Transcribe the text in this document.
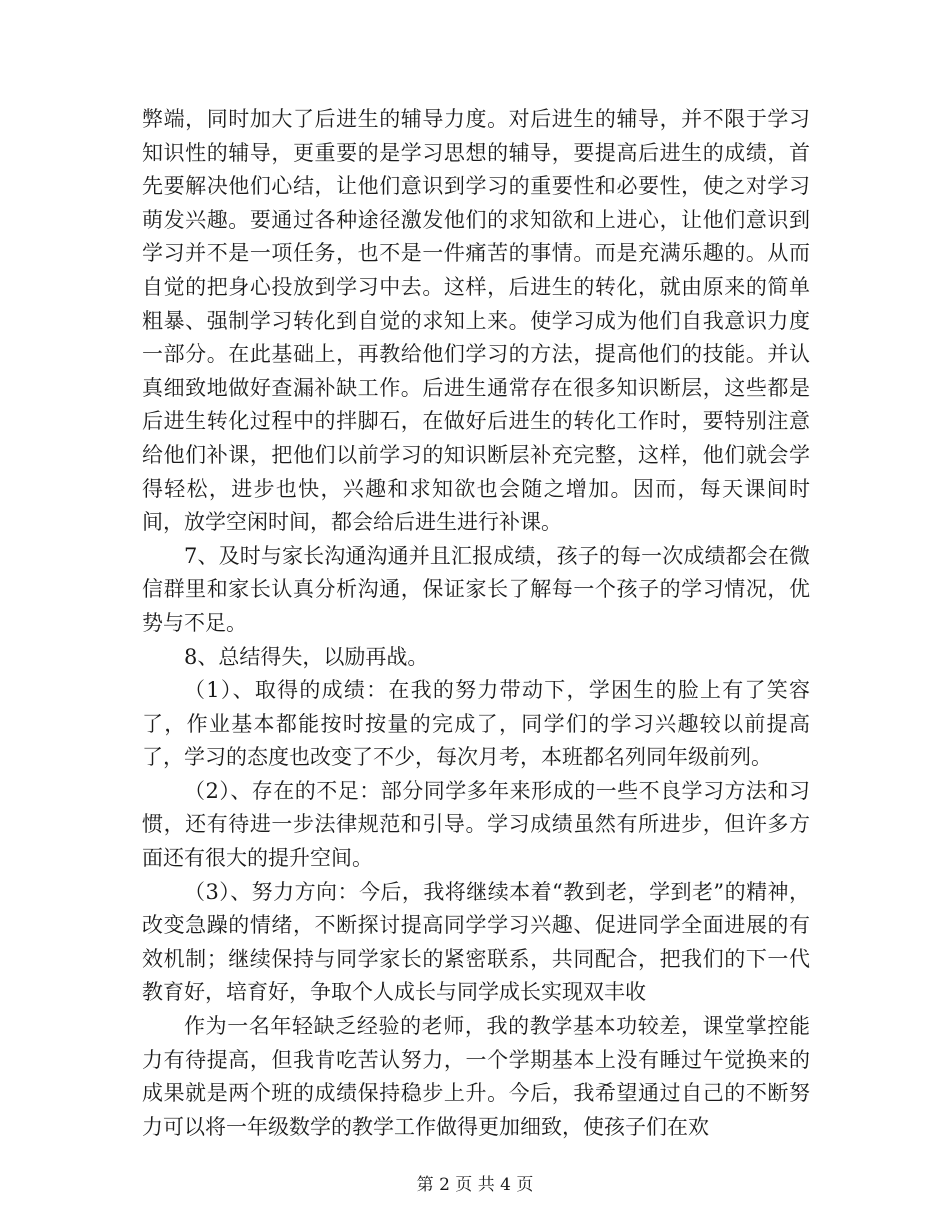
弊端，同时加大了后进生的辅导力度。对后进生的辅导，并不限于学习知识性的辅导，更重要的是学习思想的辅导，要提高后进生的成绩，首先要解决他们心结，让他们意识到学习的重要性和必要性，使之对学习萌发兴趣。要通过各种途径激发他们的求知欲和上进心，让他们意识到学习并不是一项任务，也不是一件痛苦的事情。而是充满乐趣的。从而自觉的把身心投放到学习中去。这样，后进生的转化，就由原来的简单粗暴、强制学习转化到自觉的求知上来。使学习成为他们自我意识力度一部分。在此基础上，再教给他们学习的方法，提高他们的技能。并认真细致地做好查漏补缺工作。后进生通常存在很多知识断层，这些都是后进生转化过程中的拌脚石，在做好后进生的转化工作时，要特别注意给他们补课，把他们以前学习的知识断层补充完整，这样，他们就会学得轻松，进步也快，兴趣和求知欲也会随之增加。因而，每天课间时间，放学空闲时间，都会给后进生进行补课。

7、及时与家长沟通沟通并且汇报成绩，孩子的每一次成绩都会在微信群里和家长认真分析沟通，保证家长了解每一个孩子的学习情况，优势与不足。

8、总结得失，以励再战。

（1）、取得的成绩：在我的努力带动下，学困生的脸上有了笑容了，作业基本都能按时按量的完成了，同学们的学习兴趣较以前提高了，学习的态度也改变了不少，每次月考，本班都名列同年级前列。

（2）、存在的不足：部分同学多年来形成的一些不良学习方法和习惯，还有待进一步法律规范和引导。学习成绩虽然有所进步，但许多方面还有很大的提升空间。

（3）、努力方向：今后，我将继续本着“教到老，学到老”的精神，改变急躁的情绪，不断探讨提高同学学习兴趣、促进同学全面进展的有效机制；继续保持与同学家长的紧密联系，共同配合，把我们的下一代教育好，培育好，争取个人成长与同学成长实现双丰收

作为一名年轻缺乏经验的老师，我的教学基本功较差，课堂掌控能力有待提高，但我肯吃苦认努力，一个学期基本上没有睡过午觉换来的成果就是两个班的成绩保持稳步上升。今后，我希望通过自己的不断努力可以将一年级数学的教学工作做得更加细致，使孩子们在欢

第 2 页 共 4 页
